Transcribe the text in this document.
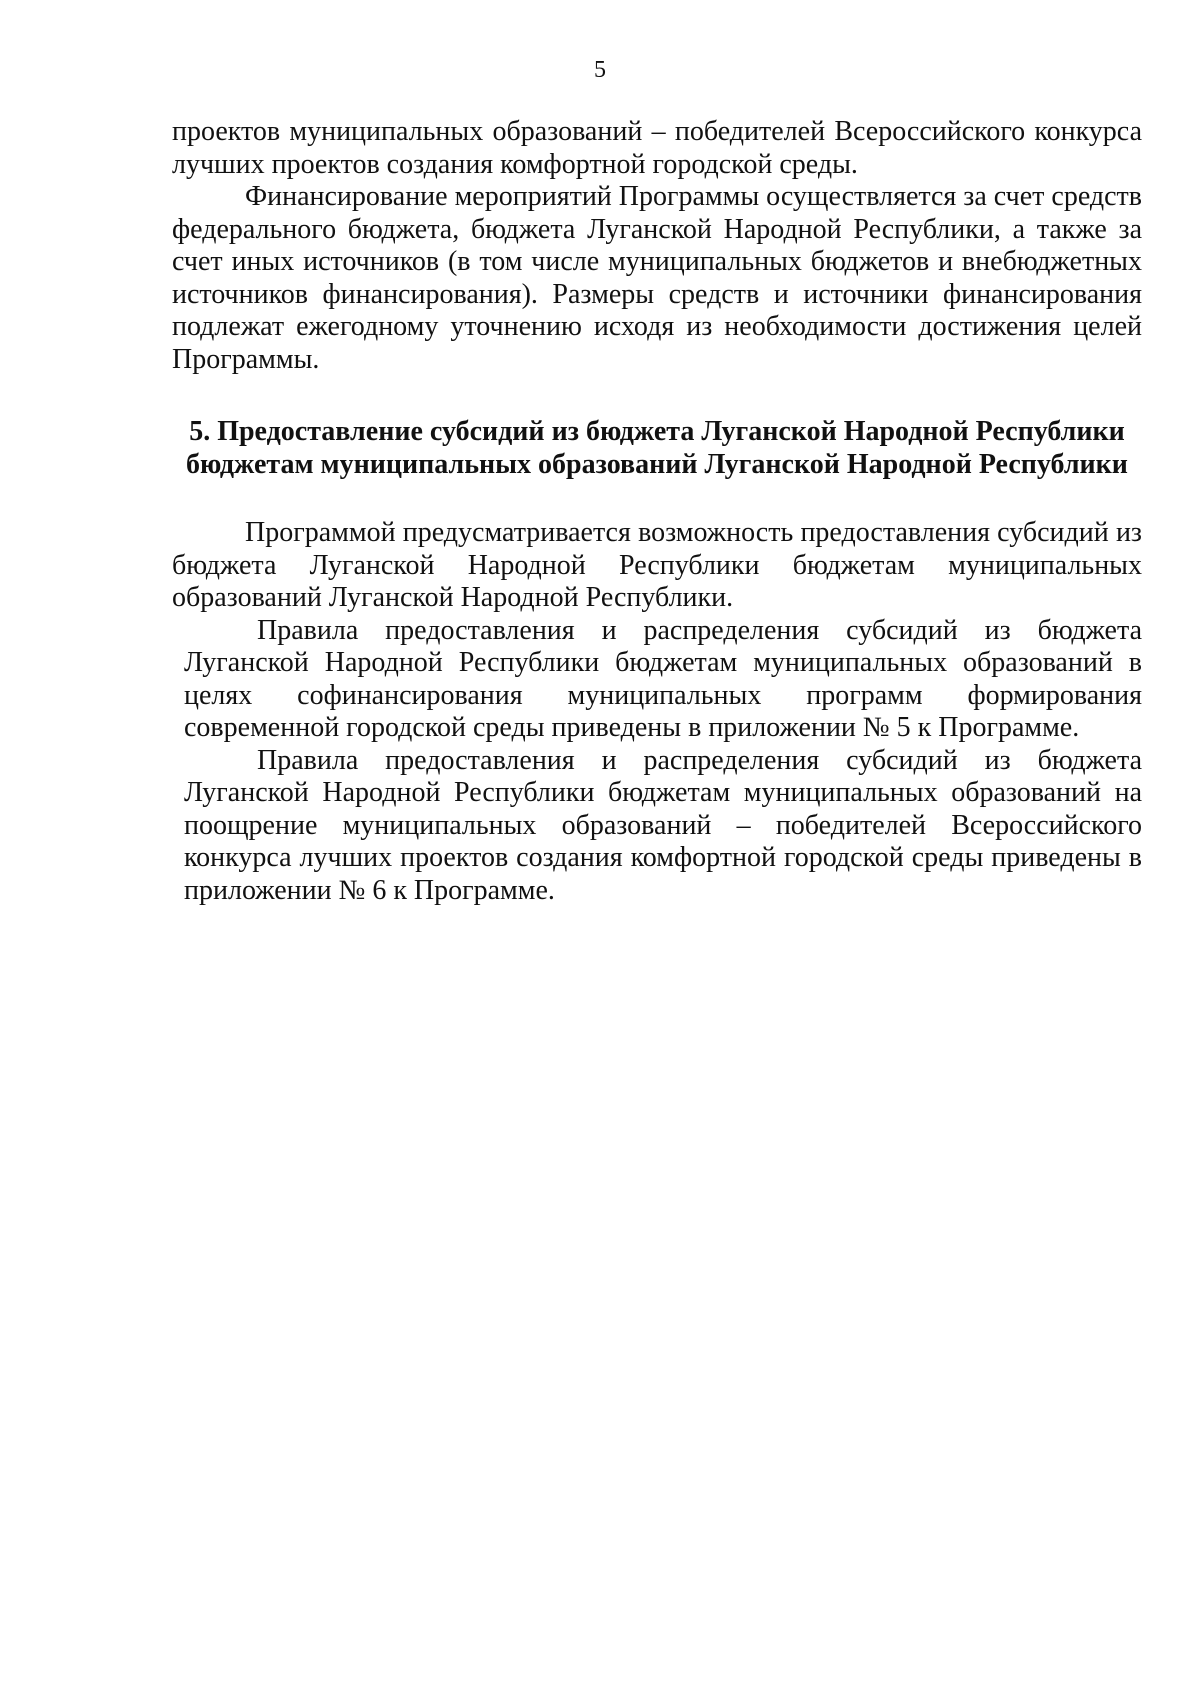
5

проектов муниципальных образований – победителей Всероссийского конкурса лучших проектов создания комфортной городской среды.

Финансирование мероприятий Программы осуществляется за счет средств федерального бюджета, бюджета Луганской Народной Республики, а также за счет иных источников (в том числе муниципальных бюджетов и внебюджетных источников финансирования). Размеры средств и источники финансирования подлежат ежегодному уточнению исходя из необходимости достижения целей Программы.

5. Предоставление субсидий из бюджета Луганской Народной Республики бюджетам муниципальных образований Луганской Народной Республики

Программой предусматривается возможность предоставления субсидий из бюджета Луганской Народной Республики бюджетам муниципальных образований Луганской Народной Республики.

Правила предоставления и распределения субсидий из бюджета Луганской Народной Республики бюджетам муниципальных образований в целях софинансирования муниципальных программ формирования современной городской среды приведены в приложении № 5 к Программе.

Правила предоставления и распределения субсидий из бюджета Луганской Народной Республики бюджетам муниципальных образований на поощрение муниципальных образований – победителей Всероссийского конкурса лучших проектов создания комфортной городской среды приведены в приложении № 6 к Программе.
